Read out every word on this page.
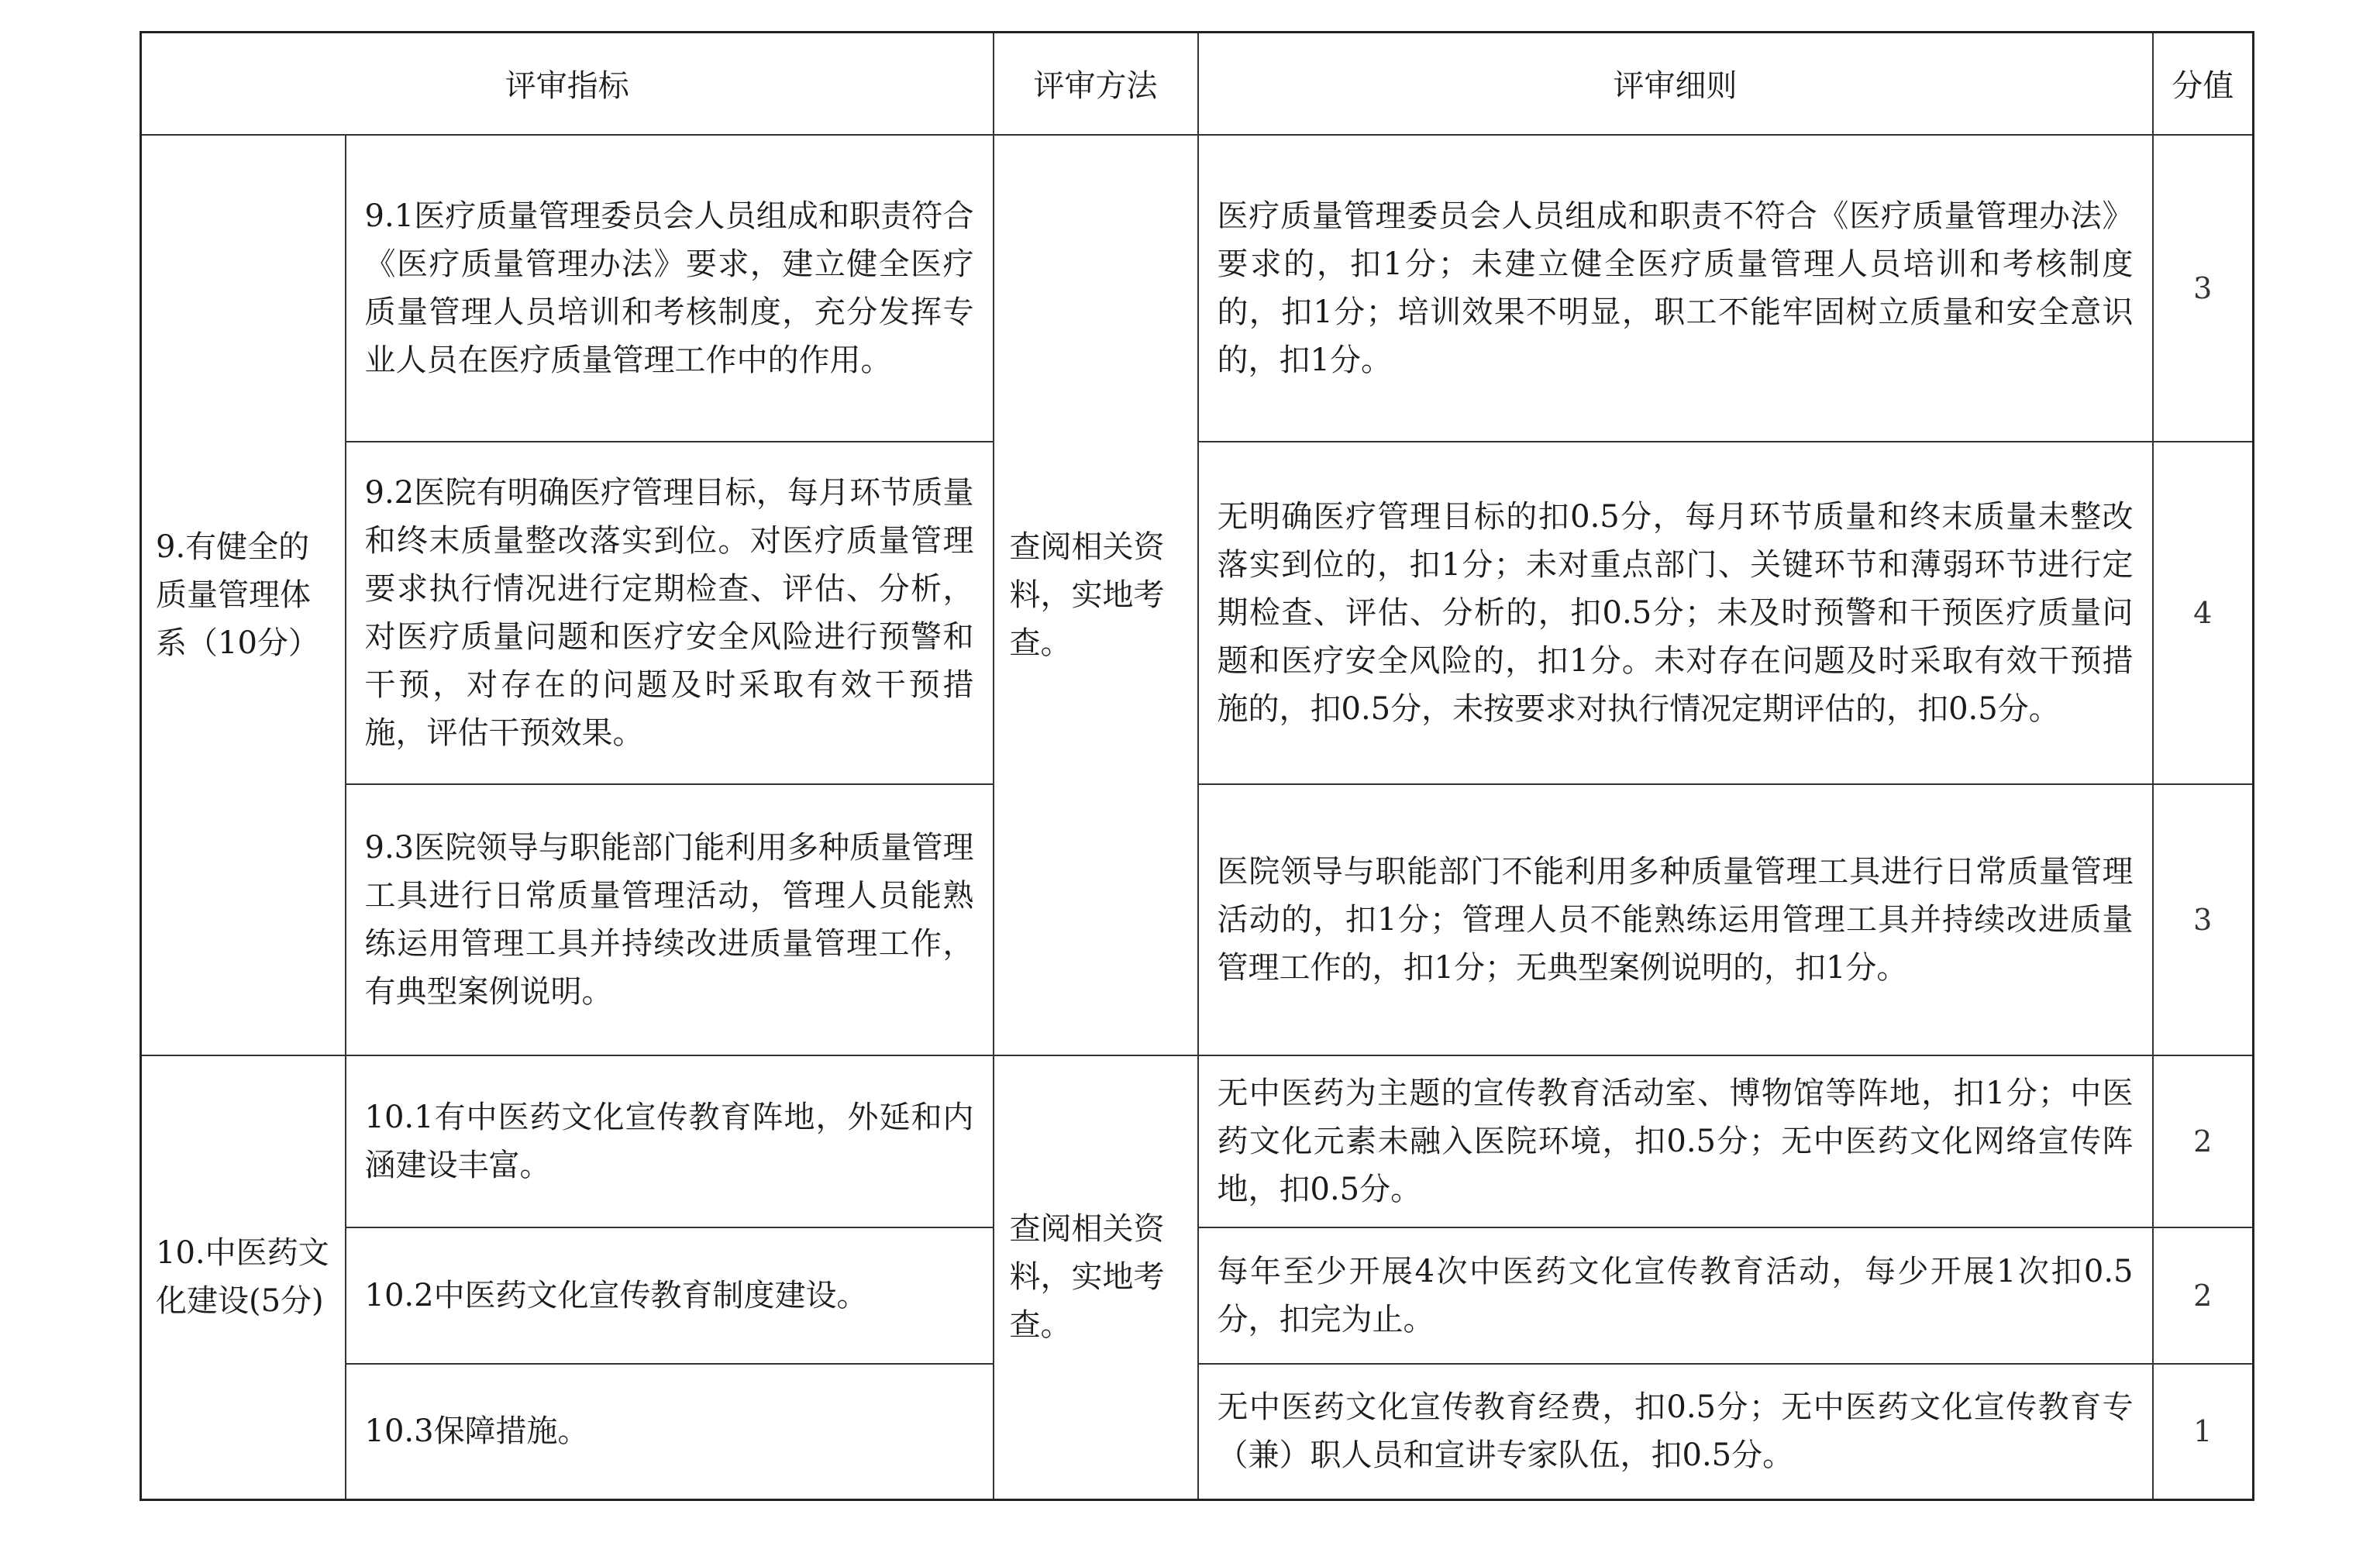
评审指标		评审方法	评审细则	分值

9.有健全的质量管理体系（10分）	9.1医疗质量管理委员会人员组成和职责符合《医疗质量管理办法》要求，建立健全医疗质量管理人员培训和考核制度，充分发挥专业人员在医疗质量管理工作中的作用。	查阅相关资料，实地考查。	医疗质量管理委员会人员组成和职责不符合《医疗质量管理办法》要求的，扣1分；未建立健全医疗质量管理人员培训和考核制度的，扣1分；培训效果不明显，职工不能牢固树立质量和安全意识的，扣1分。	3

	9.2医院有明确医疗管理目标，每月环节质量和终末质量整改落实到位。对医疗质量管理要求执行情况进行定期检查、评估、分析，对医疗质量问题和医疗安全风险进行预警和干预，对存在的问题及时采取有效干预措施，评估干预效果。		无明确医疗管理目标的扣0.5分，每月环节质量和终末质量未整改落实到位的，扣1分；未对重点部门、关键环节和薄弱环节进行定期检查、评估、分析的，扣0.5分；未及时预警和干预医疗质量问题和医疗安全风险的，扣1分。未对存在问题及时采取有效干预措施的，扣0.5分，未按要求对执行情况定期评估的，扣0.5分。	4

	9.3医院领导与职能部门能利用多种质量管理工具进行日常质量管理活动，管理人员能熟练运用管理工具并持续改进质量管理工作，有典型案例说明。		医院领导与职能部门不能利用多种质量管理工具进行日常质量管理活动的，扣1分；管理人员不能熟练运用管理工具并持续改进质量管理工作的，扣1分；无典型案例说明的，扣1分。	3

10.中医药文化建设(5分)	10.1有中医药文化宣传教育阵地，外延和内涵建设丰富。	查阅相关资料，实地考查。	无中医药为主题的宣传教育活动室、博物馆等阵地，扣1分；中医药文化元素未融入医院环境，扣0.5分；无中医药文化网络宣传阵地，扣0.5分。	2

	10.2中医药文化宣传教育制度建设。		每年至少开展4次中医药文化宣传教育活动，每少开展1次扣0.5分，扣完为止。	2

	10.3保障措施。		无中医药文化宣传教育经费，扣0.5分；无中医药文化宣传教育专（兼）职人员和宣讲专家队伍，扣0.5分。	1
